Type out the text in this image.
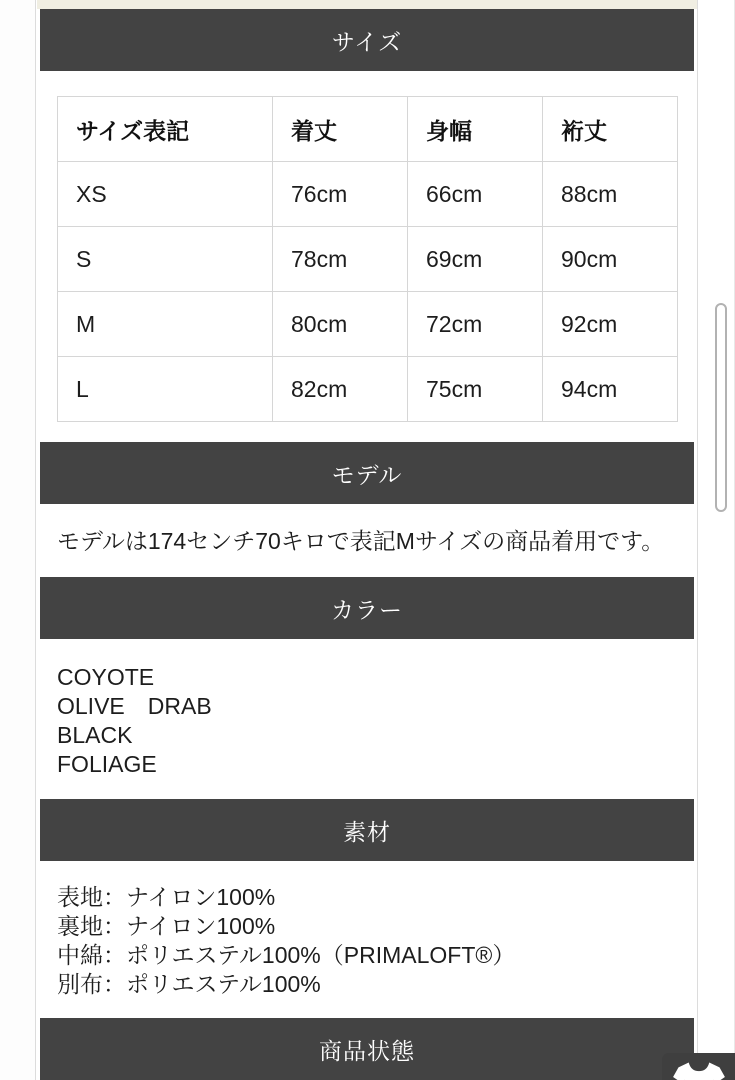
サイズ
サイズ表記	着丈	身幅	裄丈
XS	76cm	66cm	88cm
S	78cm	69cm	90cm
M	80cm	72cm	92cm
L	82cm	75cm	94cm
モデル
モデルは174センチ70キロで表記Mサイズの商品着用です。
カラー
COYOTE
OLIVE　DRAB
BLACK
FOLIAGE
素材
表地：ナイロン100%
裏地：ナイロン100%
中綿：ポリエステル100%（PRIMALOFT®）
別布：ポリエステル100%
商品状態
